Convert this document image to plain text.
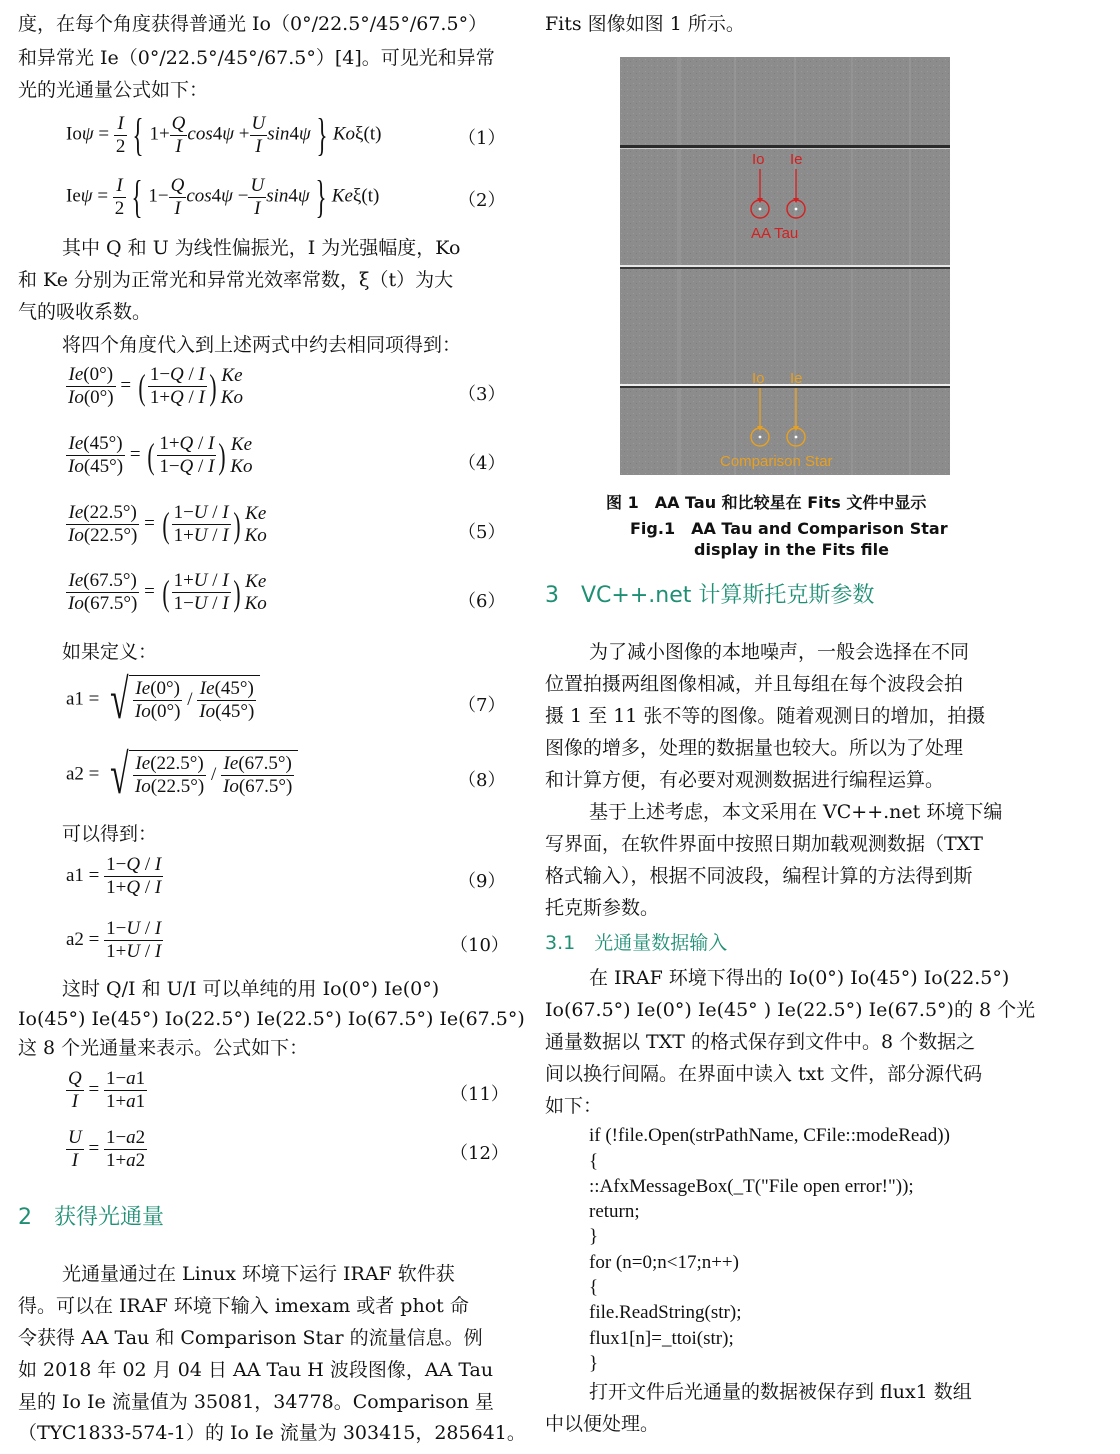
度，在每个角度获得普通光 Io（0°/22.5°/45°/67.5°）
和异常光 Ie（0°/22.5°/45°/67.5°）[4]。可见光和异常
光的光通量公式如下：
$Io\psi = \frac{I}{2}$ { $1+ \frac{Q}{I} \cos 4\psi + \frac{U}{I} \sin 4\psi$ } Koξ(t)	（1）
$Ie\psi = \frac{I}{2}$ { $1- \frac{Q}{I} \cos 4\psi - \frac{U}{I} \sin 4\psi$ } Keξ(t)	（2）
其中 Q 和 U 为线性偏振光，I 为光强幅度，Ko
和 Ke 分别为正常光和异常光效率常数，ξ（t）为大
气的吸收系数。
将四个角度代入到上述两式中约去相同项得到：
$\frac{Ie(0^\circ)}{Io(0^\circ)}$ = ( $\frac{1-Q / I}{1+Q / I}$ ) Ke
Ko	（3）
$\frac{Ie(45^\circ)}{Io(45^\circ)}$ = ( $\frac{1+Q / I}{1-Q / I}$ ) Ke
Ko	（4）
$\frac{Ie(22.5^\circ)}{Io(22.5^\circ)}$ = ( $\frac{1-U / I}{1+U / I}$ ) Ke
Ko	（5）
$\frac{Ie(67.5^\circ)}{Io(67.5^\circ)}$ = ( $\frac{1+U / I}{1-U / I}$ ) Ke
Ko	（6）
如果定义：
a1 = √ $\frac{Ie(0^\circ)}{Io(0^\circ)} / \frac{Ie(45^\circ)}{Io(45^\circ)}$	（7）
a2 = √ $\frac{Ie(22.5^\circ)}{Io(22.5^\circ)} / \frac{Ie(67.5^\circ)}{Io(67.5^\circ)}$	（8）
可以得到：
$a1 = \frac{1-Q / I}{1+Q / I}$	（9）
$a2 = \frac{1-U / I}{1+U / I}$	（10）
这时 Q/I 和 U/I 可以单纯的用 Io(0°) Ie(0°)
Io(45°) Ie(45°) Io(22.5°) Ie(22.5°) Io(67.5°) Ie(67.5°)
这 8 个光通量来表示。公式如下：
$\frac{Q}{I} = \frac{1-a1}{1+a1}$	（11）
$\frac{U}{I} = \frac{1-a2}{1+a2}$	（12）
2　获得光通量
光通量通过在 Linux 环境下运行 IRAF 软件获
得。可以在 IRAF 环境下输入 imexam 或者 phot 命
令获得 AA Tau 和 Comparison Star 的流量信息。例
如 2018 年 02 月 04 日 AA Tau H 波段图像，AA Tau
星的 Io Ie 流量值为 35081，34778。Comparison 星
（TYC1833-574-1）的 Io Ie 流量为 303415，285641。
Fits 图像如图 1 所示。
Io Ie
AA Tau
Io Ie
Comparison Star
图 1　AA Tau 和比较星在 Fits 文件中显示
Fig.1　AA Tau and Comparison Star
display in the Fits file
3　VC++.net 计算斯托克斯参数
为了减小图像的本地噪声，一般会选择在不同
位置拍摄两组图像相减，并且每组在每个波段会拍
摄 1 至 11 张不等的图像。随着观测日的增加，拍摄
图像的增多，处理的数据量也较大。所以为了处理
和计算方便，有必要对观测数据进行编程运算。
基于上述考虑，本文采用在 VC++.net 环境下编
写界面，在软件界面中按照日期加载观测数据（TXT
格式输入），根据不同波段，编程计算的方法得到斯
托克斯参数。
3.1　光通量数据输入
在 IRAF 环境下得出的 Io(0°) Io(45°) Io(22.5°)
Io(67.5°) Ie(0°) Ie(45° ) Ie(22.5°) Ie(67.5°)的 8 个光
通量数据以 TXT 的格式保存到文件中。8 个数据之
间以换行间隔。在界面中读入 txt 文件，部分源代码
如下：
if (!file.Open(strPathName, CFile::modeRead))
{
::AfxMessageBox(_T("File open error!"));
return;
}
for (n=0;n<17;n++)
{
file.ReadString(str);
flux1[n]=_ttoi(str);
}
打开文件后光通量的数据被保存到 flux1 数组
中以便处理。
